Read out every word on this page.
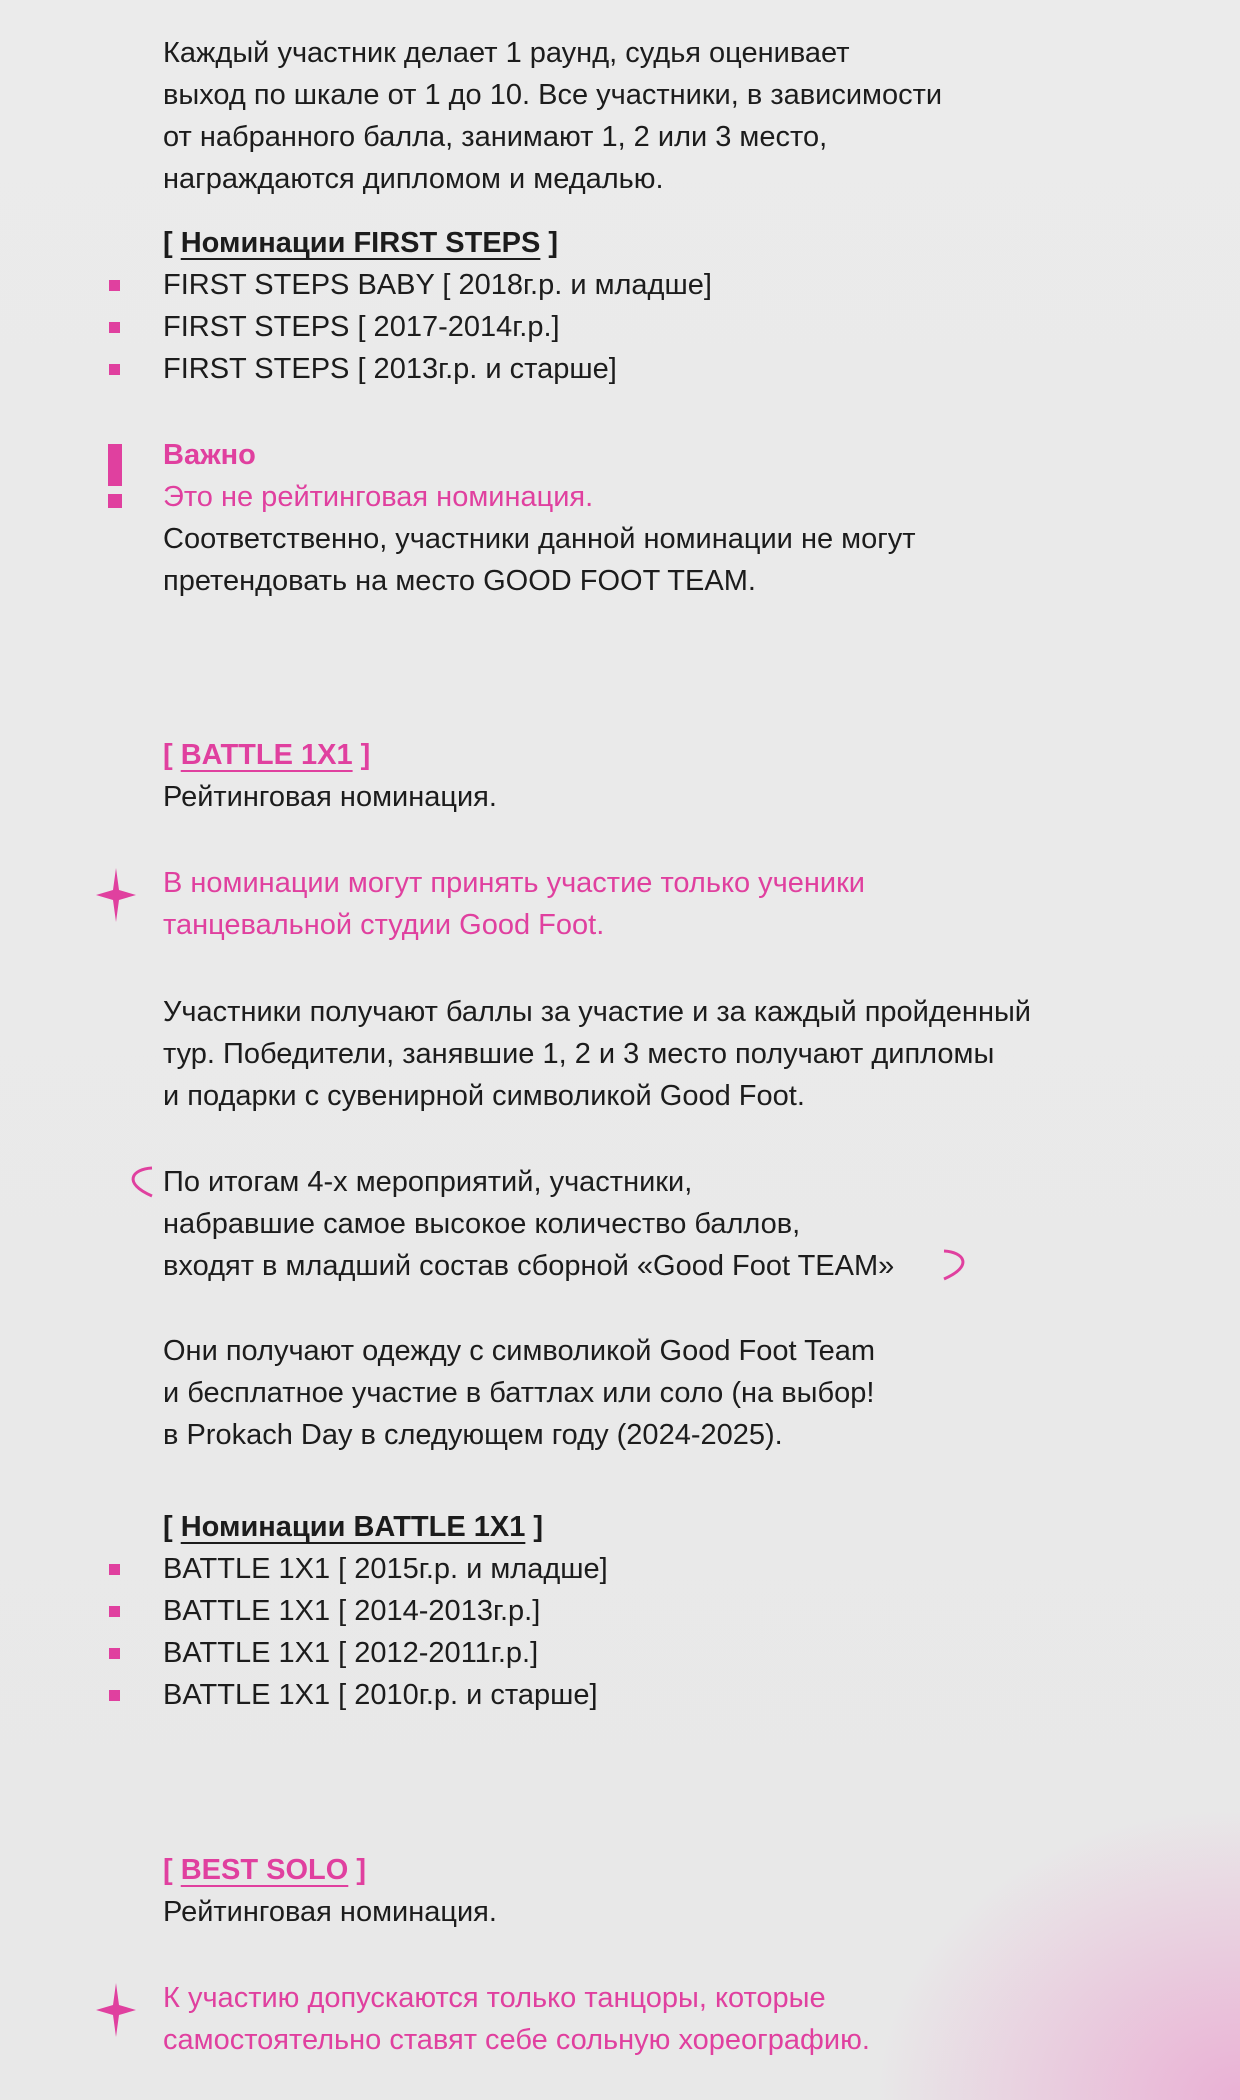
Каждый участник делает 1 раунд, судья оценивает
выход по шкале от 1 до 10. Все участники, в зависимости
от набранного балла, занимают 1, 2 или 3 место,
награждаются дипломом и медалью.

[ Номинации FIRST STEPS ]

FIRST STEPS BABY [ 2018г.р. и младше]
FIRST STEPS [ 2017-2014г.р.]
FIRST STEPS [ 2013г.р. и старше]

Важно

Это не рейтинговая номинация.

Соответственно, участники данной номинации не могут
претендовать на место GOOD FOOT TEAM.

[ BATTLE 1X1 ]

Рейтинговая номинация.

В номинации могут принять участие только ученики
танцевальной студии Good Foot.

Участники получают баллы за участие и за каждый пройденный
тур. Победители, занявшие 1, 2 и 3 место получают дипломы
и подарки с сувенирной символикой Good Foot.

По итогам 4-х мероприятий, участники,
набравшие самое высокое количество баллов,
входят в младший состав сборной «Good Foot TEAM»

Они получают одежду с символикой Good Foot Team
и бесплатное участие в баттлах или соло (на выбор!
в Prokach Day в следующем году (2024-2025).

[ Номинации BATTLE 1X1 ]

BATTLE 1X1 [ 2015г.р. и младше]
BATTLE 1X1 [ 2014-2013г.р.]
BATTLE 1X1 [ 2012-2011г.р.]
BATTLE 1X1 [ 2010г.р. и старше]

[ BEST SOLO ]

Рейтинговая номинация.

К участию допускаются только танцоры, которые
самостоятельно ставят себе сольную хореографию.
